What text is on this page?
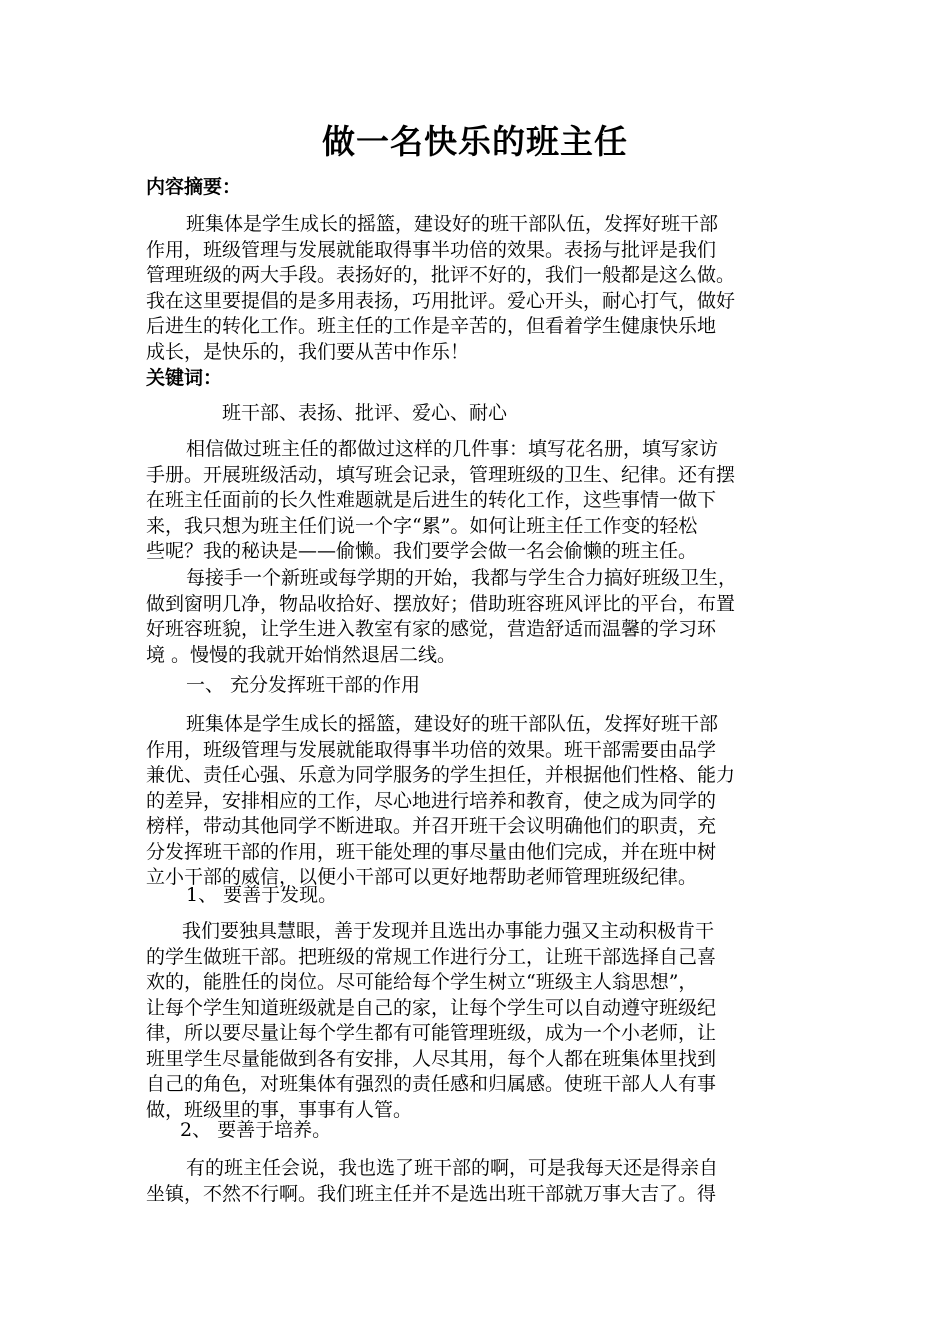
做一名快乐的班主任
内容摘要：
班集体是学生成长的摇篮，建设好的班干部队伍，发挥好班干部
作用，班级管理与发展就能取得事半功倍的效果。表扬与批评是我们
管理班级的两大手段。表扬好的，批评不好的，我们一般都是这么做。
我在这里要提倡的是多用表扬，巧用批评。爱心开头，耐心打气，做好
后进生的转化工作。班主任的工作是辛苦的，但看着学生健康快乐地
成长，是快乐的，我们要从苦中作乐！
关键词：
班干部、表扬、批评、爱心、耐心
相信做过班主任的都做过这样的几件事：填写花名册，填写家访
手册。开展班级活动，填写班会记录，管理班级的卫生、纪律。还有摆
在班主任面前的长久性难题就是后进生的转化工作，这些事情一做下
来，我只想为班主任们说一个字“累”。如何让班主任工作变的轻松
些呢？我的秘诀是——偷懒。我们要学会做一名会偷懒的班主任。
每接手一个新班或每学期的开始，我都与学生合力搞好班级卫生，
做到窗明几净，物品收拾好、摆放好；借助班容班风评比的平台，布置
好班容班貌，让学生进入教室有家的感觉，营造舒适而温馨的学习环
境 。慢慢的我就开始悄然退居二线。
一、 充分发挥班干部的作用
班集体是学生成长的摇篮，建设好的班干部队伍，发挥好班干部
作用，班级管理与发展就能取得事半功倍的效果。班干部需要由品学
兼优、责任心强、乐意为同学服务的学生担任，并根据他们性格、能力
的差异，安排相应的工作，尽心地进行培养和教育，使之成为同学的
榜样，带动其他同学不断进取。并召开班干会议明确他们的职责，充
分发挥班干部的作用，班干能处理的事尽量由他们完成，并在班中树
立小干部的威信，以便小干部可以更好地帮助老师管理班级纪律。
1、 要善于发现。
我们要独具慧眼，善于发现并且选出办事能力强又主动积极肯干
的学生做班干部。把班级的常规工作进行分工，让班干部选择自己喜
欢的，能胜任的岗位。尽可能给每个学生树立“班级主人翁思想”，
让每个学生知道班级就是自己的家，让每个学生可以自动遵守班级纪
律，所以要尽量让每个学生都有可能管理班级，成为一个小老师，让
班里学生尽量能做到各有安排，人尽其用，每个人都在班集体里找到
自己的角色，对班集体有强烈的责任感和归属感。使班干部人人有事
做，班级里的事，事事有人管。
2、 要善于培养。
有的班主任会说，我也选了班干部的啊，可是我每天还是得亲自
坐镇，不然不行啊。我们班主任并不是选出班干部就万事大吉了。得
